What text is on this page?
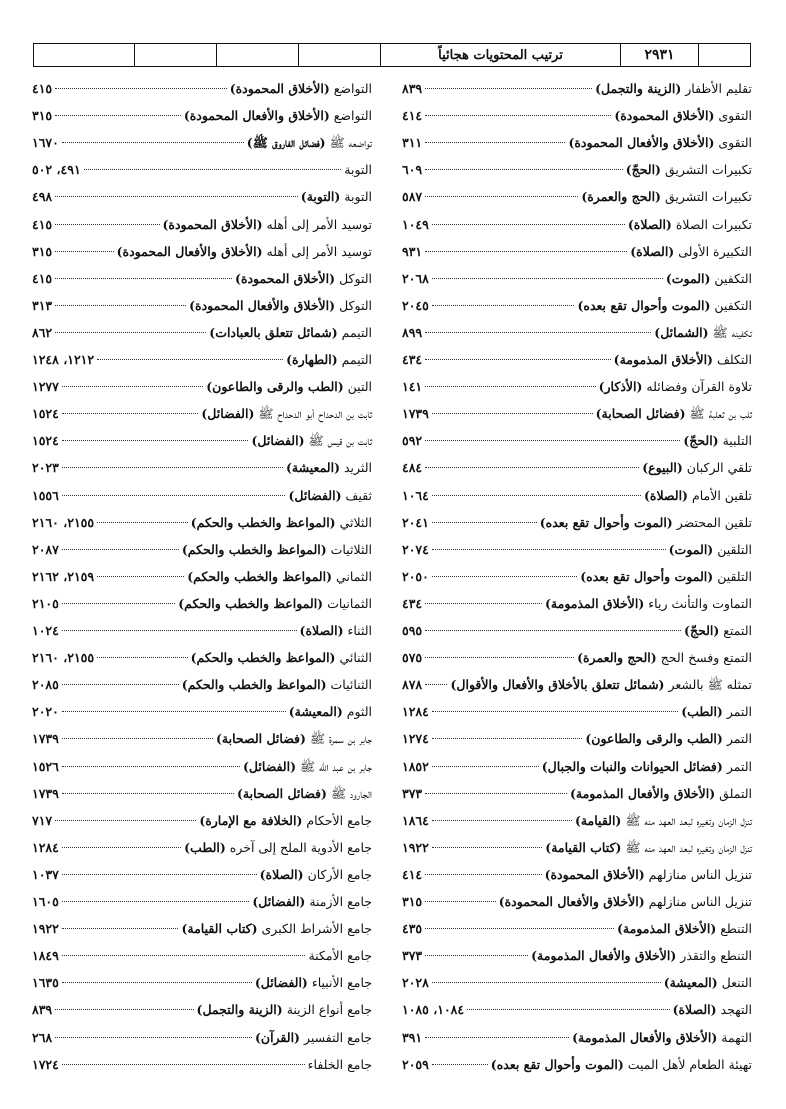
٢٩٣١
ترتيب المحتويات هجائياً
تقليم الأظفار (الزينة والتجمل)
٨٣٩
التقوى (الأخلاق المحمودة)
٤١٤
التقوى (الأخلاق والأفعال المحمودة)
٣١١
تكبيرات التشريق (الحجّ)
٦٠٩
تكبيرات التشريق (الحج والعمرة)
٥٨٧
تكبيرات الصلاة (الصلاة)
١٠٤٩
التكبيرة الأولى (الصلاة)
٩٣١
التكفين (الموت)
٢٠٦٨
التكفين (الموت وأحوال تقع بعده)
٢٠٤٥
تكفينه ﷺ (الشمائل)
٨٩٩
التكلف (الأخلاق المذمومة)
٤٣٤
تلاوة القرآن وفضائله (الأذكار)
١٤١
ثلب بن ثعلبة ﷺ (فضائل الصحابة)
١٧٣٩
التلبية (الحجّ)
٥٩٢
تلقي الركبان (البيوع)
٤٨٤
تلقين الأمام (الصلاة)
١٠٦٤
تلقين المحتضر (الموت وأحوال تقع بعده)
٢٠٤١
التلقين (الموت)
٢٠٧٤
التلقين (الموت وأحوال تقع بعده)
٢٠٥٠
التماوت والتأنث رياء (الأخلاق المذمومة)
٤٣٤
التمتع (الحجّ)
٥٩٥
التمتع وفسخ الحج (الحج والعمرة)
٥٧٥
تمثله ﷺ بالشعر (شمائل تتعلق بالأخلاق والأفعال والأقوال)
٨٧٨
التمر (الطب)
١٢٨٤
التمر (الطب والرقى والطاعون)
١٢٧٤
التمر (فضائل الحيوانات والنبات والجبال)
١٨٥٢
التملق (الأخلاق والأفعال المذمومة)
٣٧٣
تنزل الزمان وتغيره لبعد العهد منه ﷺ (القيامة)
١٨٦٤
تنزل الزمان وتغيره لبعد العهد منه ﷺ (كتاب القيامة)
١٩٢٢
تنزيل الناس منازلهم (الأخلاق المحمودة)
٤١٤
تنزيل الناس منازلهم (الأخلاق والأفعال المحمودة)
٣١٥
التنطع (الأخلاق المذمومة)
٤٣٥
التنطع والتقذر (الأخلاق والأفعال المذمومة)
٣٧٣
التنعل (المعيشة)
٢٠٢٨
التهجد (الصلاة)
١٠٨٤، ١٠٨٥
التهمة (الأخلاق والأفعال المذمومة)
٣٩١
تهيئة الطعام لأهل الميت (الموت وأحوال تقع بعده)
٢٠٥٩
التواضع (الأخلاق المحمودة)
٤١٥
التواضع (الأخلاق والأفعال المحمودة)
٣١٥
تواضعه ﷺ (فضائل الفاروق ﷺ)
١٦٧٠
التوبة
٤٩١، ٥٠٢
التوبة (التوبة)
٤٩٨
توسيد الأمر إلى أهله (الأخلاق المحمودة)
٤١٥
توسيد الأمر إلى أهله (الأخلاق والأفعال المحمودة)
٣١٥
التوكل (الأخلاق المحمودة)
٤١٥
التوكل (الأخلاق والأفعال المحمودة)
٣١٣
التيمم (شمائل تتعلق بالعبادات)
٨٦٢
التيمم (الطهارة)
١٢١٢، ١٢٤٨
التين (الطب والرقى والطاعون)
١٢٧٧
ثابت بن الدحداح أبو الدحداح ﷺ (الفضائل)
١٥٢٤
ثابت بن قيس ﷺ (الفضائل)
١٥٢٤
الثريد (المعيشة)
٢٠٢٣
ثقيف (الفضائل)
١٥٥٦
الثلاثي (المواعظ والخطب والحكم)
٢١٥٥، ٢١٦٠
الثلاثيات (المواعظ والخطب والحكم)
٢٠٨٧
الثماني (المواعظ والخطب والحكم)
٢١٥٩، ٢١٦٢
الثمانيات (المواعظ والخطب والحكم)
٢١٠٥
الثناء (الصلاة)
١٠٢٤
الثنائي (المواعظ والخطب والحكم)
٢١٥٥، ٢١٦٠
الثنائيات (المواعظ والخطب والحكم)
٢٠٨٥
الثوم (المعيشة)
٢٠٢٠
جابر بن سمرة ﷺ (فضائل الصحابة)
١٧٣٩
جابر بن عبد الله ﷺ (الفضائل)
١٥٢٦
الجارود ﷺ (فضائل الصحابة)
١٧٣٩
جامع الأحكام (الخلافة مع الإمارة)
٧١٧
جامع الأدوية الملح إلى آخره (الطب)
١٢٨٤
جامع الأركان (الصلاة)
١٠٣٧
جامع الأزمنة (الفضائل)
١٦٠٥
جامع الأشراط الكبرى (كتاب القيامة)
١٩٢٢
جامع الأمكنة
١٨٤٩
جامع الأنبياء (الفضائل)
١٦٣٥
جامع أنواع الزينة (الزينة والتجمل)
٨٣٩
جامع التفسير (القرآن)
٢٦٨
جامع الخلفاء
١٧٢٤
